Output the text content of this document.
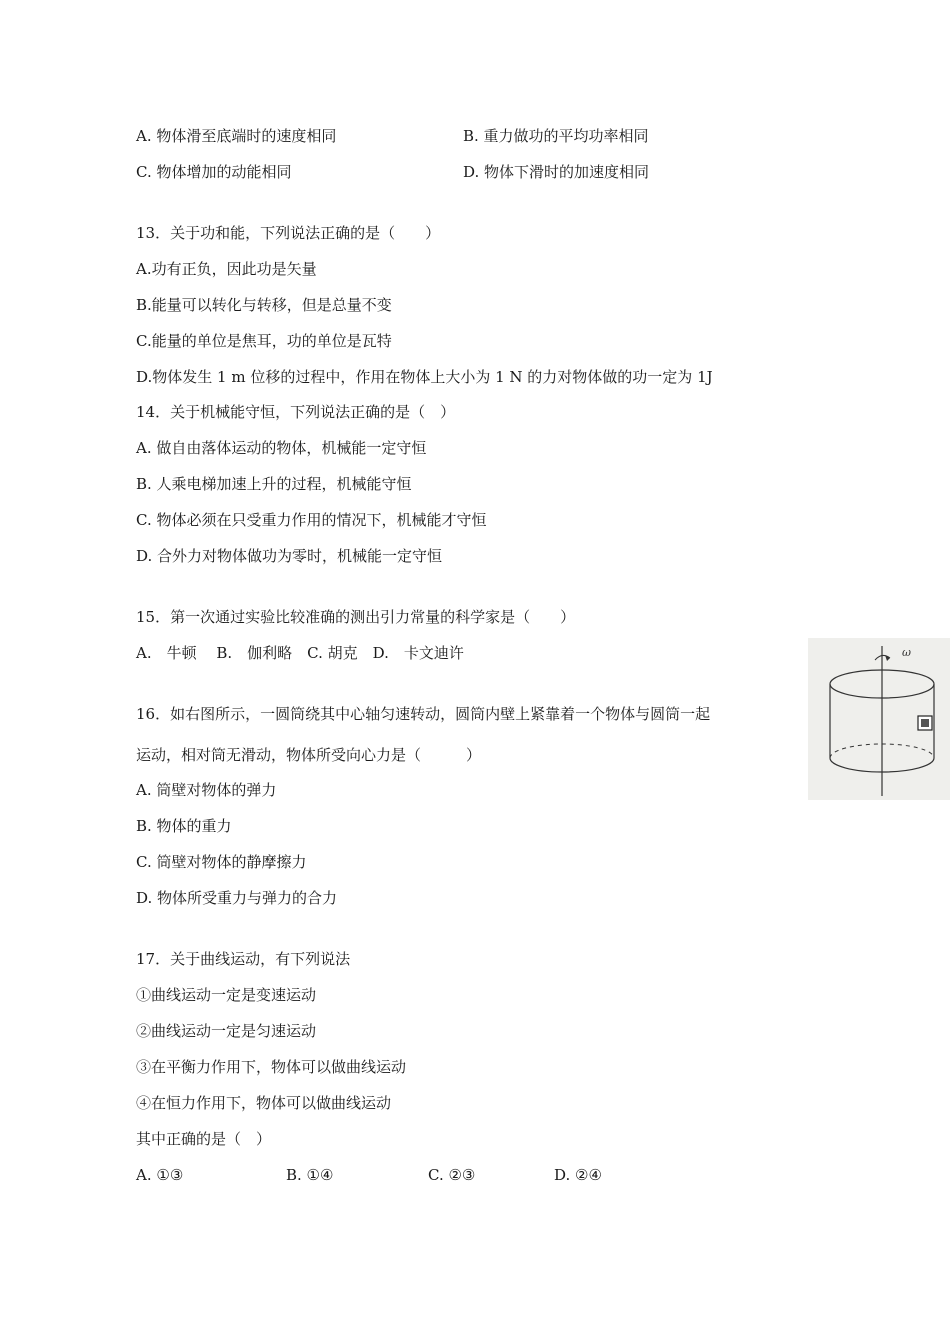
A. 物体滑至底端时的速度相同	B. 重力做功的平均功率相同
C. 物体增加的动能相同	D. 物体下滑时的加速度相同
13．关于功和能，下列说法正确的是（　　）
A.功有正负，因此功是矢量
B.能量可以转化与转移，但是总量不变
C.能量的单位是焦耳，功的单位是瓦特
D.物体发生 1 m 位移的过程中，作用在物体上大小为 1 N 的力对物体做的功一定为 1J
14．关于机械能守恒，下列说法正确的是（　）
A. 做自由落体运动的物体，机械能一定守恒
B. 人乘电梯加速上升的过程，机械能守恒
C. 物体必须在只受重力作用的情况下，机械能才守恒
D. 合外力对物体做功为零时，机械能一定守恒
15．第一次通过实验比较准确的测出引力常量的科学家是（　　）
A.　牛顿　 B.　伽利略　C. 胡克　D.　卡文迪许
16．如右图所示，一圆筒绕其中心轴匀速转动，圆筒内壁上紧靠着一个物体与圆筒一起
运动，相对筒无滑动，物体所受向心力是（　　　）
A. 筒壁对物体的弹力
B. 物体的重力
C. 筒壁对物体的静摩擦力
D. 物体所受重力与弹力的合力
ω
17．关于曲线运动，有下列说法
①曲线运动一定是变速运动
②曲线运动一定是匀速运动
③在平衡力作用下，物体可以做曲线运动
④在恒力作用下，物体可以做曲线运动
其中正确的是（　）
A. ①③	B. ①④	C. ②③	D. ②④
